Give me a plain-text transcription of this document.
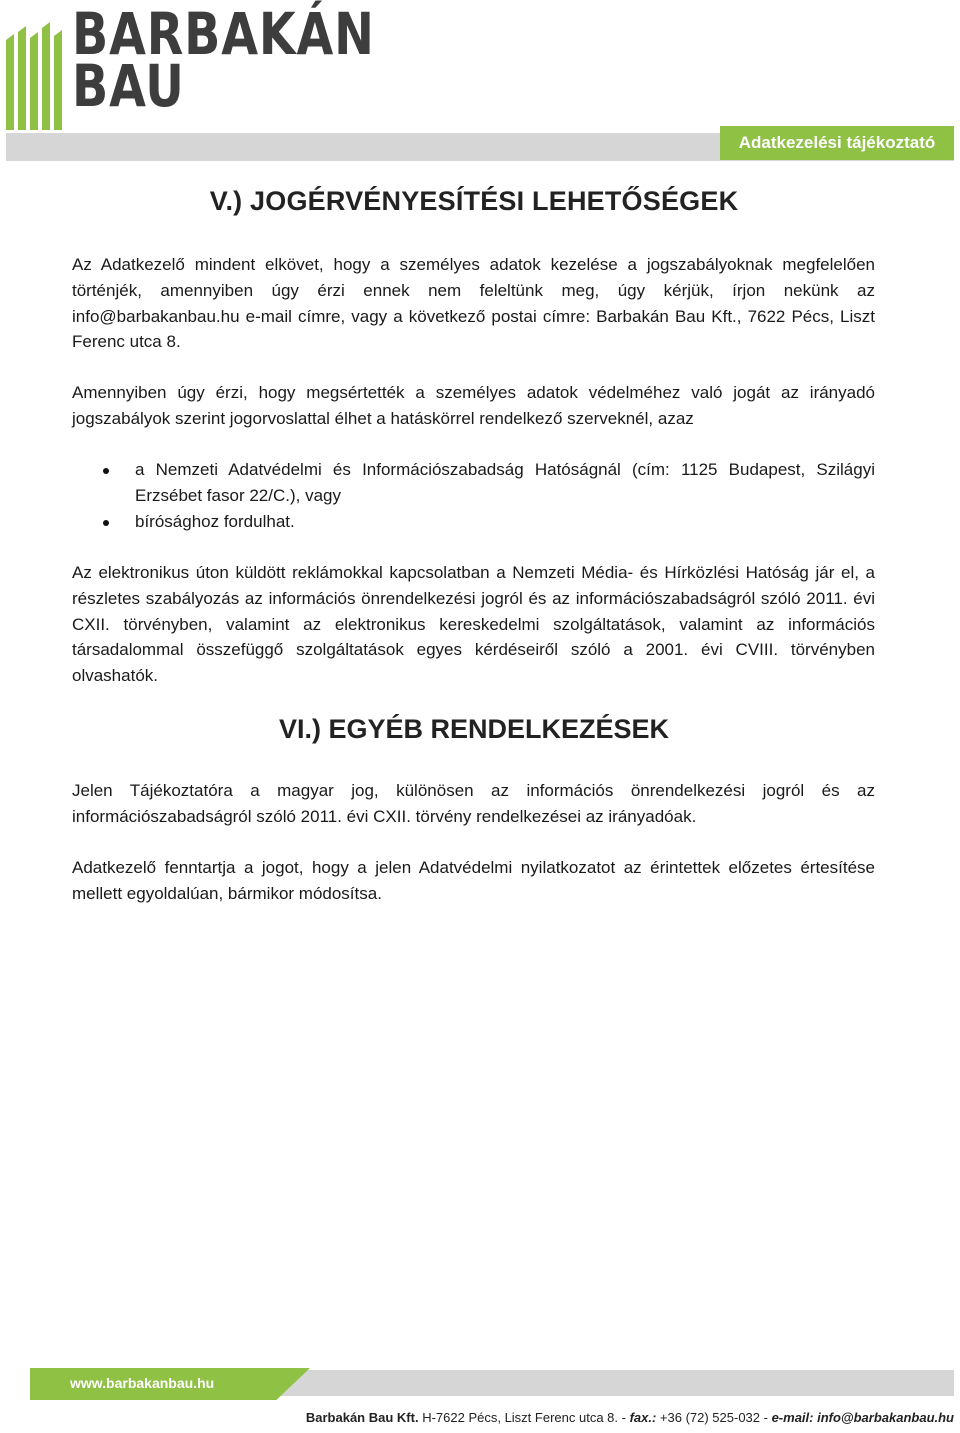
BARBAKÁN
BAU
Adatkezelési tájékoztató
V.) JOGÉRVÉNYESÍTÉSI LEHETŐSÉGEK

Az Adatkezelő mindent elkövet, hogy a személyes adatok kezelése a jogszabályoknak megfelelően történjék, amennyiben úgy érzi ennek nem feleltünk meg, úgy kérjük, írjon nekünk az info@barbakanbau.hu e-mail címre, vagy a következő postai címre: Barbakán Bau Kft., 7622 Pécs, Liszt Ferenc utca 8.

Amennyiben úgy érzi, hogy megsértették a személyes adatok védelméhez való jogát az irányadó jogszabályok szerint jogorvoslattal élhet a hatáskörrel rendelkező szerveknél, azaz

a Nemzeti Adatvédelmi és Információszabadság Hatóságnál (cím: 1125 Budapest, Szilágyi Erzsébet fasor 22/C.), vagy
bírósághoz fordulhat.

Az elektronikus úton küldött reklámokkal kapcsolatban a Nemzeti Média- és Hírközlési Hatóság jár el, a részletes szabályozás az információs önrendelkezési jogról és az információszabadságról szóló 2011. évi CXII. törvényben, valamint az elektronikus kereskedelmi szolgáltatások, valamint az információs társadalommal összefüggő szolgáltatások egyes kérdéseiről szóló a 2001. évi CVIII. törvényben olvashatók.

VI.) EGYÉB RENDELKEZÉSEK

Jelen Tájékoztatóra a magyar jog, különösen az információs önrendelkezési jogról és az információszabadságról szóló 2011. évi CXII. törvény rendelkezései az irányadóak.

Adatkezelő fenntartja a jogot, hogy a jelen Adatvédelmi nyilatkozatot az érintettek előzetes értesítése mellett egyoldalúan, bármikor módosítsa.

www.barbakanbau.hu
Barbakán Bau Kft. H-7622 Pécs, Liszt Ferenc utca 8. - fax.: +36 (72) 525-032 - e-mail: info@barbakanbau.hu
